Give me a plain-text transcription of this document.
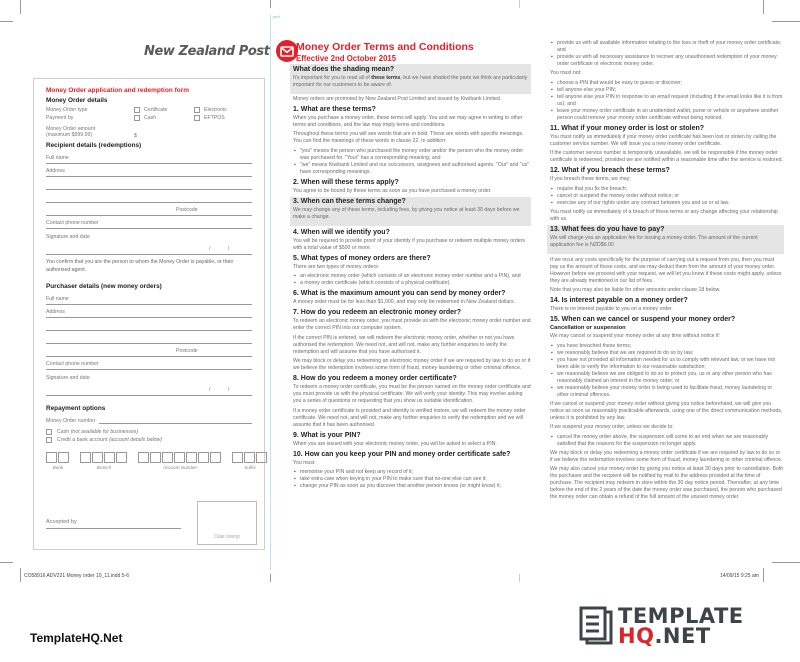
perf
New Zealand Post
Money Order application and redemption form
Money Order details
Money Order type	Certificate	Electronic
Payment by	Cash	EFTPOS
Money Order amount
(maximum $999.99)	$
Recipient details (redemptions)
Full name
Address
Postcode
Contact phone number
Signature and date
/ /
You confirm that you are the person to whom the Money Order is payable, or their authorised agent.
Purchaser details (new money orders)
Full name
Address
Postcode
Contact phone number
Signature and date
/ /
Repayment options
Money Order number
Cash (not available for businesses)
Credit a bank account (account details below)
Bank	Branch	Account Number	Suffix
Accepted by
Date stamp
CO58916 ADV221 Money order 10_11.indd 5-6	14/09/15 9:25 am
Money Order Terms and Conditions
Effective 2nd October 2015
What does the shading mean?

It's important for you to read all of these terms, but we have shaded the parts we think are particularly important for our customers to be aware of.

Money orders are promoted by New Zealand Post Limited and issued by Kiwibank Limited.

1. What are these terms?

When you purchase a money order, these terms will apply. You and we may agree in writing to other terms and conditions, and the law may imply terms and conditions.

Throughout these terms you will see words that are in bold. These are words with specific meanings. You can find the meanings of these words in clause 22. In addition:

▪ "you" means the person who purchased the money order and/or the person who the money order was purchased for. "Your" has a corresponding meaning; and
▪ "we" means Kiwibank Limited and our successors, assignees and authorised agents. "Our" and "us" have corresponding meanings.
2. When will these terms apply?

You agree to be bound by these terms as soon as you have purchased a money order.

3. When can these terms change?

We may change any of these terms, including fees, by giving you notice at least 30 days before we make a change.

4. When will we identify you?

You will be required to provide proof of your identity if you purchase or redeem multiple money orders with a total value of $500 or more.

5. What types of money orders are there?

There are two types of money orders:

▪ an electronic money order (which consists of an electronic money order number and a PIN), and
▪ a money order certificate (which consists of a physical certificate).
6. What is the maximum amount you can send by money order?

A money order must be for less than $1,000, and may only be redeemed in New Zealand dollars.

7. How do you redeem an electronic money order?

To redeem an electronic money order, you must provide us with the electronic money order number and enter the correct PIN into our computer system.

If the correct PIN is entered, we will redeem the electronic money order, whether or not you have authorised the redemption. We need not, and will not, make any further enquiries to verify the redemption and will assume that you have authorised it.

We may block or delay you redeeming an electronic money order if we are required by law to do so or if we believe the redemption involves some form of fraud, money laundering or other criminal offence.

8. How do you redeem a money order certificate?

To redeem a money order certificate, you must be the person named on the money order certificate and you must provide us with the physical certificate. We will verify your identity. This may involve asking you a series of questions or requesting that you show us suitable identification.

If a money order certificate is provided and identity is verified instore, we will redeem the money order certificate. We need not, and will not, make any further enquiries to verify the redemption and we will assume that it has been authorised.

9. What is your PIN?

When you are issued with your electronic money order, you will be asked to select a PIN.

10. How can you keep your PIN and money order certificate safe?

You must:

▪ memorise your PIN and not keep any record of it;
▪ take extra care when keying in your PIN to make sure that no-one else can see it;
▪ change your PIN as soon as you discover that another person knows (or might know) it;
▪ provide us with all available information relating to the loss or theft of your money order certificate; and
▪ provide us with all necessary assistance to recover any unauthorised redemption of your money order certificate or electronic money order.

You must not:

▪ choose a PIN that would be easy to guess or discover;
▪ tell anyone else your PIN;
▪ tell anyone else your PIN in response to an email request (including if the email looks like it is from us); and
▪ leave your money order certificate in an unattended wallet, purse or vehicle or anywhere another person could remove your money order certificate without being noticed.
11. What if your money order is lost or stolen?

You must notify us immediately if your money order certificate has been lost or stolen by calling the customer service number. We will issue you a new money order certificate.

If the customer service number is temporarily unavailable, we will be responsible if the money order certificate is redeemed, provided we are notified within a reasonable time after the service is restored.

12. What if you breach these terms?

If you breach these terms, we may:

▪ require that you fix the breach;
▪ cancel or suspend the money order without notice; or
▪ exercise any of our rights under any contract between you and us or at law.

You must notify us immediately of a breach of these terms or any change affecting your relationship with us.

13. What fees do you have to pay?

We will charge you an application fee for issuing a money order. The amount of the current application fee is NZD$6.00

If we incur any costs specifically for the purpose of carrying out a request from you, then you must pay us the amount of those costs, and we may deduct them from the amount of your money order. However before we proceed with your request, we will let you know if these costs might apply, unless they are already mentioned in our list of fees.

Note that you may also be liable for other amounts under clause 18 below.

14. Is interest payable on a money order?

There is no interest payable to you on a money order.

15. When can we cancel or suspend your money order?
Cancellation or suspension

We may cancel or suspend your money order at any time without notice if:

▪ you have breached these terms;
▪ we reasonably believe that we are required to do so by law;
▪ you have not provided all information needed for us to comply with relevant law, or we have not been able to verify the information to our reasonable satisfaction;
▪ we reasonably believe we are obliged to do so to protect you, us or any other person who has reasonably claimed an interest in the money order; or
▪ we reasonably believe your money order is being used to facilitate fraud, money laundering or other criminal offences.

If we cancel or suspend your money order without giving you notice beforehand, we will give you notice as soon as reasonably practicable afterwards, using one of the direct communication methods, unless it is prohibited by any law.

If we suspend your money order, unless we decide to:

▪ cancel the money order above, the suspension will come to an end when we are reasonably satisfied that the reasons for the suspension no longer apply.

We may block or delay you redeeming a money order certificate if we are required by law to do so or if we believe the redemption involves some form of fraud, money laundering or other criminal offence.

We may also cancel your money order by giving you notice at least 30 days prior to cancellation. Both the purchaser and the recipient will be notified by mail to the address provided at the time of purchase. The recipient may redeem in store within the 30 day notice period. Thereafter, at any time before the end of the 2 years of the date the money order was purchased, the person who purchased the money order can obtain a refund of the full amount of the unused money order.

TemplateHQ.Net
TEMPLATE
HQ.NET
